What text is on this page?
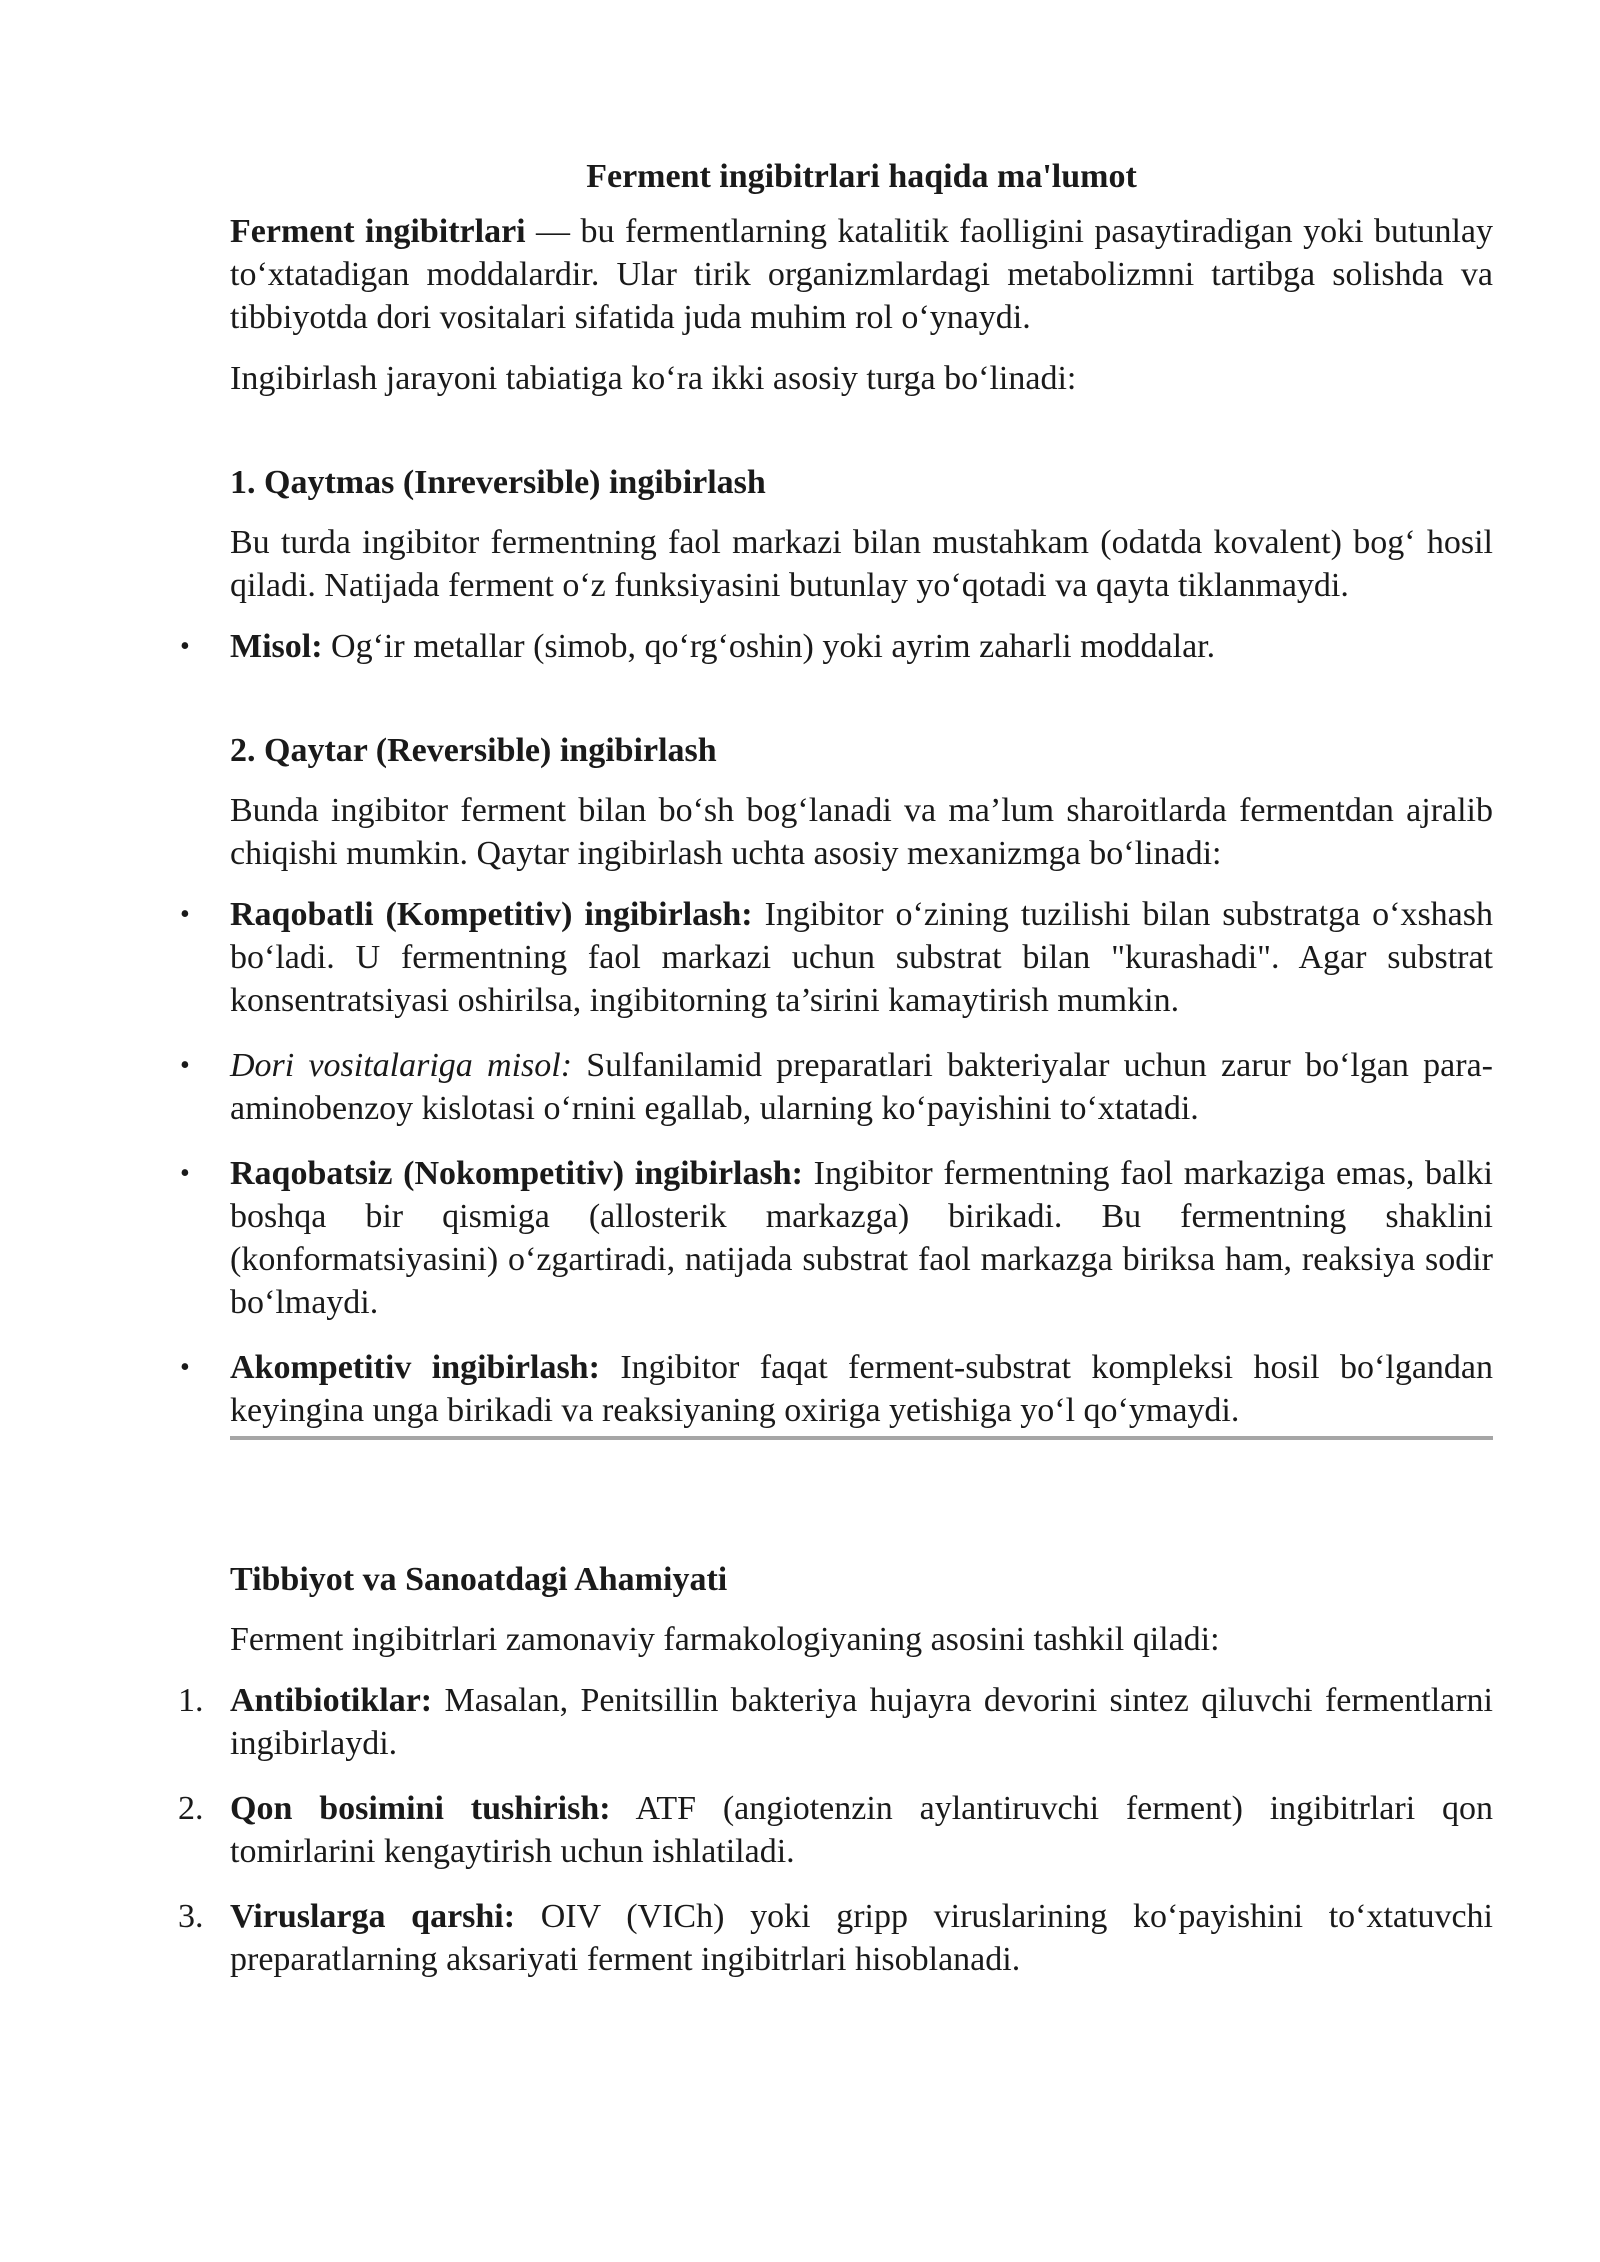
Ferment ingibitrlari haqida ma'lumot

Ferment ingibitrlari — bu fermentlarning katalitik faolligini pasaytiradigan yoki butunlay to‘xtatadigan moddalardir. Ular tirik organizmlardagi metabolizmni tartibga solishda va tibbiyotda dori vositalari sifatida juda muhim rol o‘ynaydi.

Ingibirlash jarayoni tabiatiga ko‘ra ikki asosiy turga bo‘linadi:

1. Qaytmas (Inreversible) ingibirlash

Bu turda ingibitor fermentning faol markazi bilan mustahkam (odatda kovalent) bog‘ hosil qiladi. Natijada ferment o‘z funksiyasini butunlay yo‘qotadi va qayta tiklanmaydi.

• Misol: Og‘ir metallar (simob, qo‘rg‘oshin) yoki ayrim zaharli moddalar.
2. Qaytar (Reversible) ingibirlash

Bunda ingibitor ferment bilan bo‘sh bog‘lanadi va ma’lum sharoitlarda fermentdan ajralib chiqishi mumkin. Qaytar ingibirlash uchta asosiy mexanizmga bo‘linadi:

• Raqobatli (Kompetitiv) ingibirlash: Ingibitor o‘zining tuzilishi bilan substratga o‘xshash bo‘ladi. U fermentning faol markazi uchun substrat bilan "kurashadi". Agar substrat konsentratsiyasi oshirilsa, ingibitorning ta’sirini kamaytirish mumkin.
• Dori vositalariga misol: Sulfanilamid preparatlari bakteriyalar uchun zarur bo‘lgan para-aminobenzoy kislotasi o‘rnini egallab, ularning ko‘payishini to‘xtatadi.
• Raqobatsiz (Nokompetitiv) ingibirlash: Ingibitor fermentning faol markaziga emas, balki boshqa bir qismiga (allosterik markazga) birikadi. Bu fermentning shaklini (konformatsiyasini) o‘zgartiradi, natijada substrat faol markazga biriksa ham, reaksiya sodir bo‘lmaydi.
• Akompetitiv ingibirlash: Ingibitor faqat ferment-substrat kompleksi hosil bo‘lgandan keyingina unga birikadi va reaksiyaning oxiriga yetishiga yo‘l qo‘ymaydi.
Tibbiyot va Sanoatdagi Ahamiyati

Ferment ingibitrlari zamonaviy farmakologiyaning asosini tashkil qiladi:

1. Antibiotiklar: Masalan, Penitsillin bakteriya hujayra devorini sintez qiluvchi fermentlarni ingibirlaydi.
2. Qon bosimini tushirish: ATF (angiotenzin aylantiruvchi ferment) ingibitrlari qon tomirlarini kengaytirish uchun ishlatiladi.
3. Viruslarga qarshi: OIV (VICh) yoki gripp viruslarining ko‘payishini to‘xtatuvchi preparatlarning aksariyati ferment ingibitrlari hisoblanadi.
